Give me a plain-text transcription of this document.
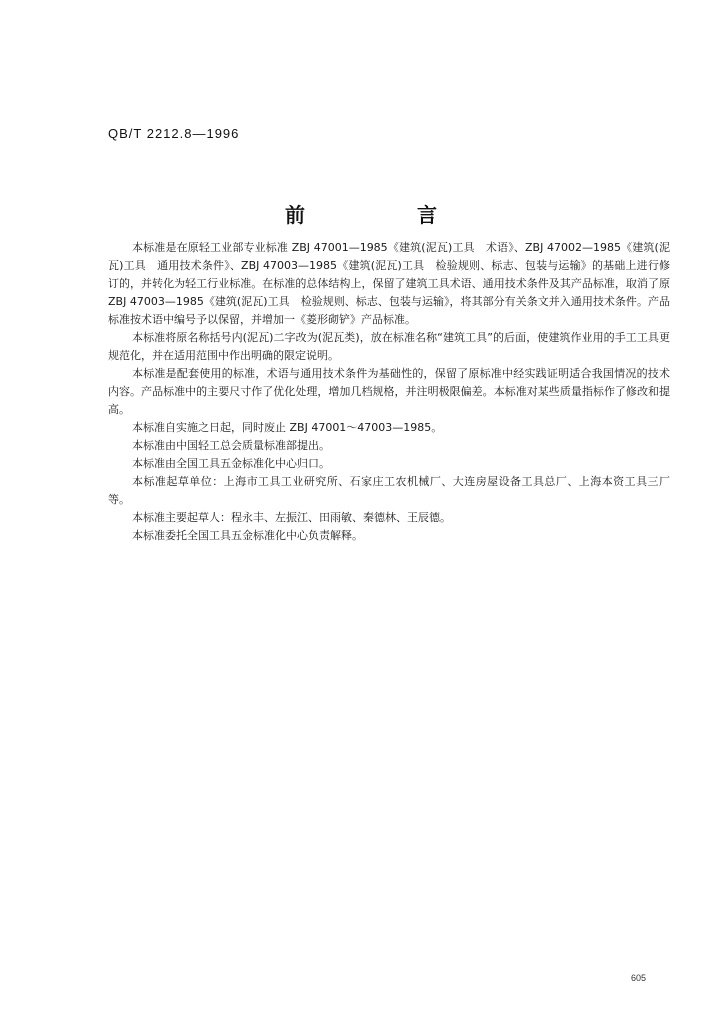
QB/T 2212.8—1996
前　言

本标准是在原轻工业部专业标准 ZBJ 47001—1985《建筑(泥瓦)工具　术语》、ZBJ 47002—1985《建筑(泥瓦)工具　通用技术条件》、ZBJ 47003—1985《建筑(泥瓦)工具　检验规则、标志、包装与运输》的基础上进行修订的，并转化为轻工行业标准。在标准的总体结构上，保留了建筑工具术语、通用技术条件及其产品标准，取消了原 ZBJ 47003—1985《建筑(泥瓦)工具　检验规则、标志、包装与运输》，将其部分有关条文并入通用技术条件。产品标准按术语中编号予以保留，并增加一《菱形砌铲》产品标准。

本标准将原名称括号内(泥瓦)二字改为(泥瓦类)，放在标准名称“建筑工具”的后面，使建筑作业用的手工工具更规范化，并在适用范围中作出明确的限定说明。

本标准是配套使用的标准，术语与通用技术条件为基础性的，保留了原标准中经实践证明适合我国情况的技术内容。产品标准中的主要尺寸作了优化处理，增加几档规格，并注明极限偏差。本标准对某些质量指标作了修改和提高。

本标准自实施之日起，同时废止 ZBJ 47001～47003—1985。

本标准由中国轻工总会质量标准部提出。

本标准由全国工具五金标准化中心归口。

本标准起草单位：上海市工具工业研究所、石家庄工农机械厂、大连房屋设备工具总厂、上海本资工具三厂等。

本标准主要起草人：程永丰、左振江、田雨敏、秦德林、王辰德。

本标准委托全国工具五金标准化中心负责解释。

605
